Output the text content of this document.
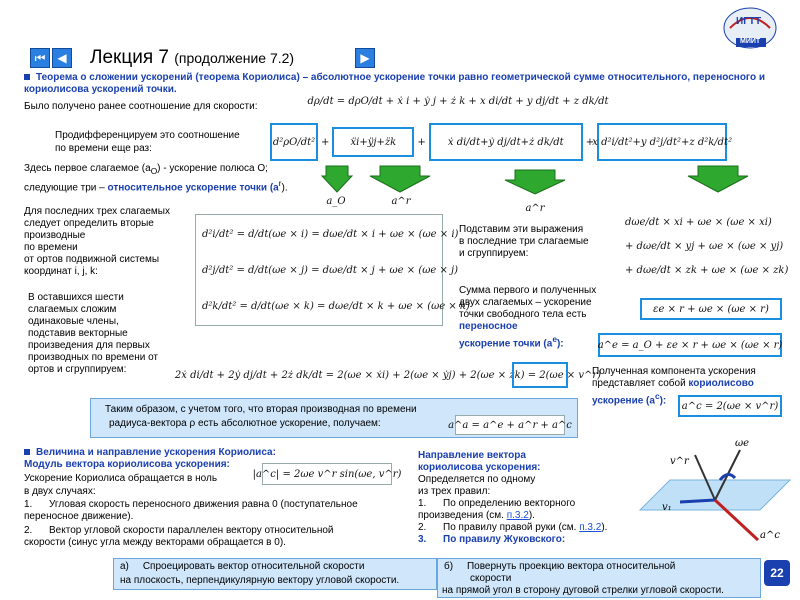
⏮ ◀ Лекция 7 (продолжение 7.2)	▶
ИГТТ
МИИТ
Теорема о сложении ускорений (теорема Кориолиса) – абсолютное ускорение точки равно геометрической сумме относительного, переносного и кориолисова ускорений точки.
Было получено ранее соотношение для скорости:	dρ/dt = dρO/dt + ẋ i + ẏ j + ż k + x di/dt + y dj/dt + z dk/dt
Продифференцируем это соотношение
по времени еще раз:
d²ρO/dt² +	ẍi+ÿj+z̈k	+	ẋ di/dt+ẏ dj/dt+ż dk/dt	+
x d²i/dt²+y d²j/dt²+z d²k/dt²
Здесь первое слагаемое $(a_O)$ - ускорение полюса О;
следующие три – относительное ускорение точки $(a^r)$.
a_O	a^r
a^r
Для последних трех слагаемых
следует определить вторые производные
по времени
от ортов подвижной системы
координат i, j, k:
d²i/dt² = d/dt(ωe × i) = dωe/dt × i + ωe × (ωe × i)
d²j/dt² = d/dt(ωe × j) = dωe/dt × j + ωe × (ωe × j)
d²k/dt² = d/dt(ωe × k) = dωe/dt × k + ωe × (ωe × k)
Подставим эти выражения
в последние три слагаемые
и сгруппируем:
dωe/dt × xi + ωe × (ωe × xi)
+ dωe/dt × yj + ωe × (ωe × yj)
+ dωe/dt × zk + ωe × (ωe × zk)
εe × r + ωe × (ωe × r)
Сумма первого и полученных
двух слагаемых – ускорение
точки свободного тела есть
переносное
ускорение точки $(a^e)$:	a^e = a_O + εe × r + ωe × (ωe × r)
В оставшихся шести
слагаемых сложим
одинаковые члены,
подставив векторные
произведения для первых
производных по времени от
ортов и сгруппируем:	2ẋ di/dt + 2ẏ dj/dt + 2ż dk/dt = 2(ωe × ẋi) + 2(ωe × ẏj) + 2(ωe × żk) = 2(ωe × v^r)
Полученная компонента ускорения
представляет собой кориолисово
ускорение $(a^c)$:	a^c = 2(ωe × v^r)
Таким образом, с учетом того, что вторая производная по времени
радиуса-вектора ρ есть абсолютное ускорение, получаем:	a^a = a^e + a^r + a^c
Величина и направление ускорения Кориолиса:
Модуль вектора кориолисова ускорения:
|a^c| = 2ωe v^r sin(ωe, v^r)
Ускорение Кориолиса обращается в ноль
в двух случаях:
1. Угловая скорость переносного движения равна 0 (поступательное
переносное движение).
2. Вектор угловой скорости параллелен вектору относительной
скорости (синус угла между векторами обращается в 0).
Направление вектора
кориолисова ускорения:
Определяется по одному
из трех правил:
1. По определению векторного
произведения (см. п.3.2).
2. По правилу правой руки (см. п.3.2).
3. По правилу Жуковского:
ωe
v^r
v₁
a^c
а) Спроецировать вектор относительной скорости
на плоскость, перпендикулярную вектору угловой скорости.
б) Повернуть проекцию вектора относительной
скорости
на прямой угол в сторону дуговой стрелки угловой скорости.
22
